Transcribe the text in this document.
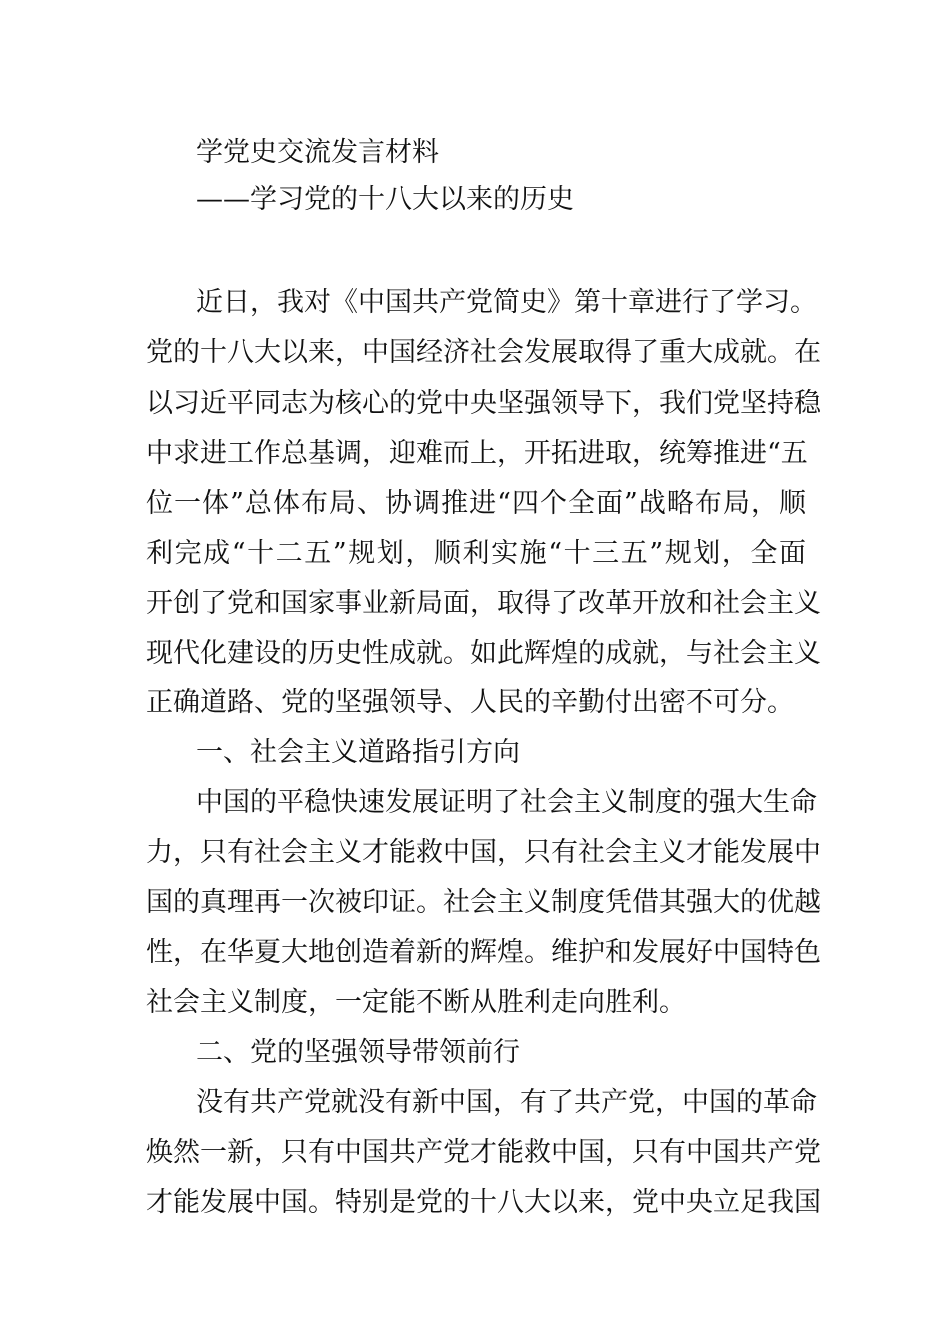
学党史交流发言材料
——学习党的十八大以来的历史
近日，我对《中国共产党简史》第十章进行了学习。
党的十八大以来，中国经济社会发展取得了重大成就。在
以习近平同志为核心的党中央坚强领导下，我们党坚持稳
中求进工作总基调，迎难而上，开拓进取，统筹推进“五
位一体”总体布局、协调推进“四个全面”战略布局，顺
利完成“十二五”规划，顺利实施“十三五”规划，全面
开创了党和国家事业新局面，取得了改革开放和社会主义
现代化建设的历史性成就。如此辉煌的成就，与社会主义
正确道路、党的坚强领导、人民的辛勤付出密不可分。
一、社会主义道路指引方向
中国的平稳快速发展证明了社会主义制度的强大生命
力，只有社会主义才能救中国，只有社会主义才能发展中
国的真理再一次被印证。社会主义制度凭借其强大的优越
性，在华夏大地创造着新的辉煌。维护和发展好中国特色
社会主义制度，一定能不断从胜利走向胜利。
二、党的坚强领导带领前行
没有共产党就没有新中国，有了共产党，中国的革命
焕然一新，只有中国共产党才能救中国，只有中国共产党
才能发展中国。特别是党的十八大以来，党中央立足我国
